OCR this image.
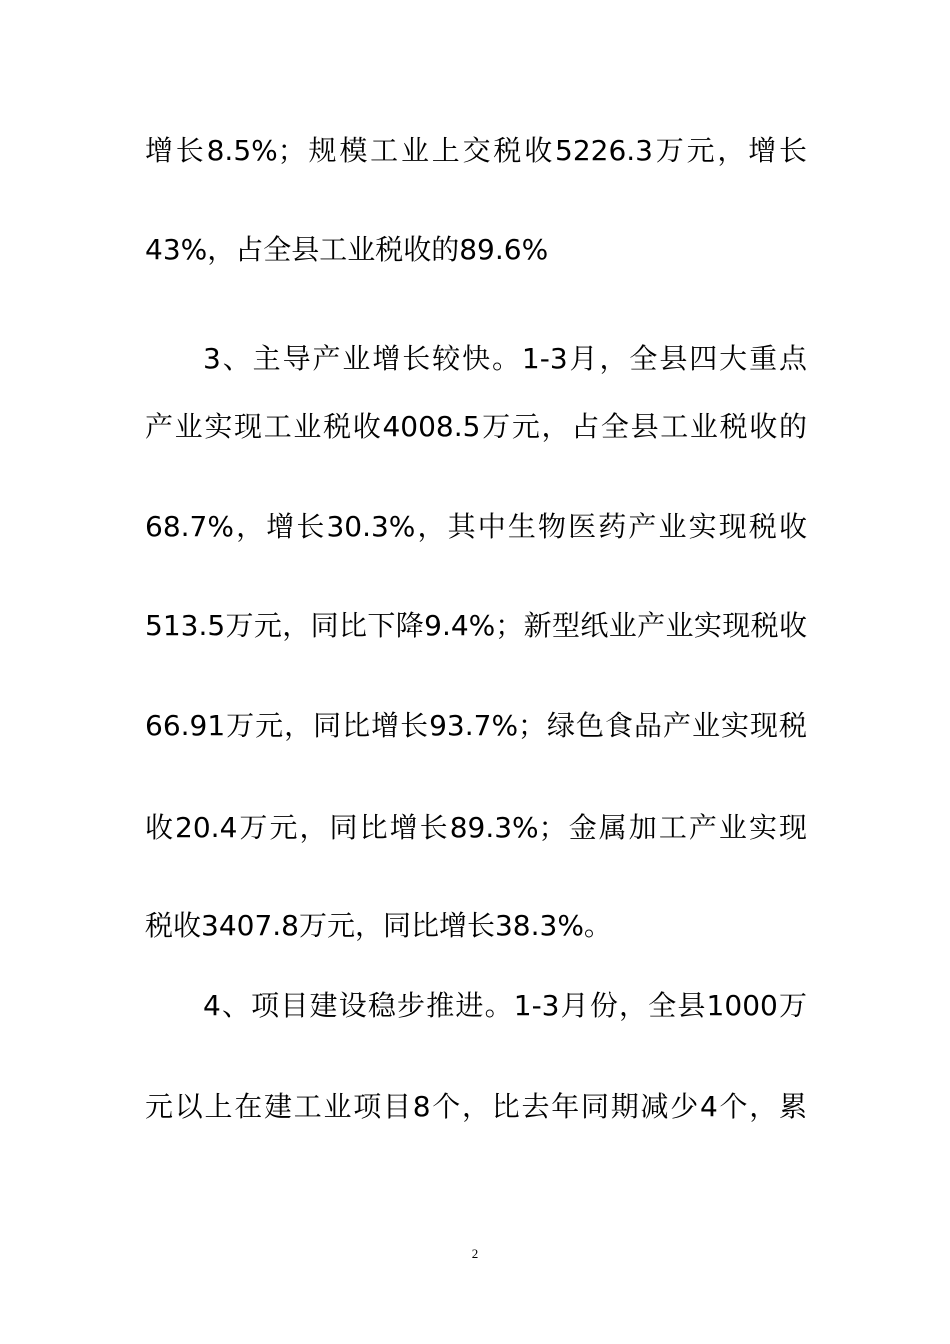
增长8.5%；规模工业上交税收5226.3万元，增长
43%，占全县工业税收的89.6%
3、主导产业增长较快。1-3月，全县四大重点
产业实现工业税收4008.5万元，占全县工业税收的
68.7%，增长30.3%，其中生物医药产业实现税收
513.5万元，同比下降9.4%；新型纸业产业实现税收
66.91万元，同比增长93.7%；绿色食品产业实现税
收20.4万元，同比增长89.3%；金属加工产业实现
税收3407.8万元，同比增长38.3%。
4、项目建设稳步推进。1-3月份，全县1000万
元以上在建工业项目8个，比去年同期减少4个，累
2
